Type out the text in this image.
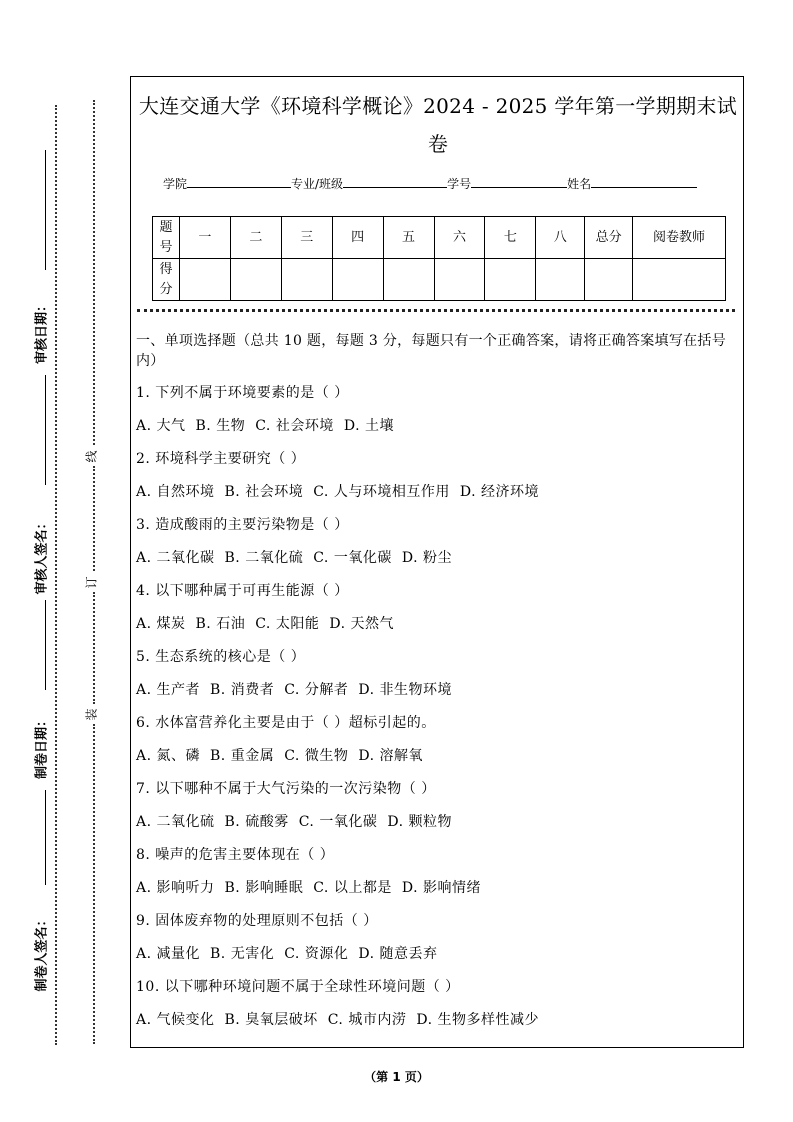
审核日期：
审核人签名：
制卷日期：
制卷人签名：
线
订
装
大连交通大学《环境科学概论》2024 - 2025 学年第一学期期末试
卷
学院	专业/班级	学号	姓名
题号	一	二	三	四	五	六	七	八	总分	阅卷教师
得分										
一、单项选择题（总共 10 题，每题 3 分，每题只有一个正确答案，请将正确答案填写在括号内）
1. 下列不属于环境要素的是（ ）
A. 大气 B. 生物 C. 社会环境 D. 土壤
2. 环境科学主要研究（ ）
A. 自然环境 B. 社会环境 C. 人与环境相互作用 D. 经济环境
3. 造成酸雨的主要污染物是（ ）
A. 二氧化碳 B. 二氧化硫 C. 一氧化碳 D. 粉尘
4. 以下哪种属于可再生能源（ ）
A. 煤炭 B. 石油 C. 太阳能 D. 天然气
5. 生态系统的核心是（ ）
A. 生产者 B. 消费者 C. 分解者 D. 非生物环境
6. 水体富营养化主要是由于（ ）超标引起的。
A. 氮、磷 B. 重金属 C. 微生物 D. 溶解氧
7. 以下哪种不属于大气污染的一次污染物（ ）
A. 二氧化硫 B. 硫酸雾 C. 一氧化碳 D. 颗粒物
8. 噪声的危害主要体现在（ ）
A. 影响听力 B. 影响睡眠 C. 以上都是 D. 影响情绪
9. 固体废弃物的处理原则不包括（ ）
A. 减量化 B. 无害化 C. 资源化 D. 随意丢弃
10. 以下哪种环境问题不属于全球性环境问题（ ）
A. 气候变化 B. 臭氧层破坏 C. 城市内涝 D. 生物多样性减少
（第 1 页）
